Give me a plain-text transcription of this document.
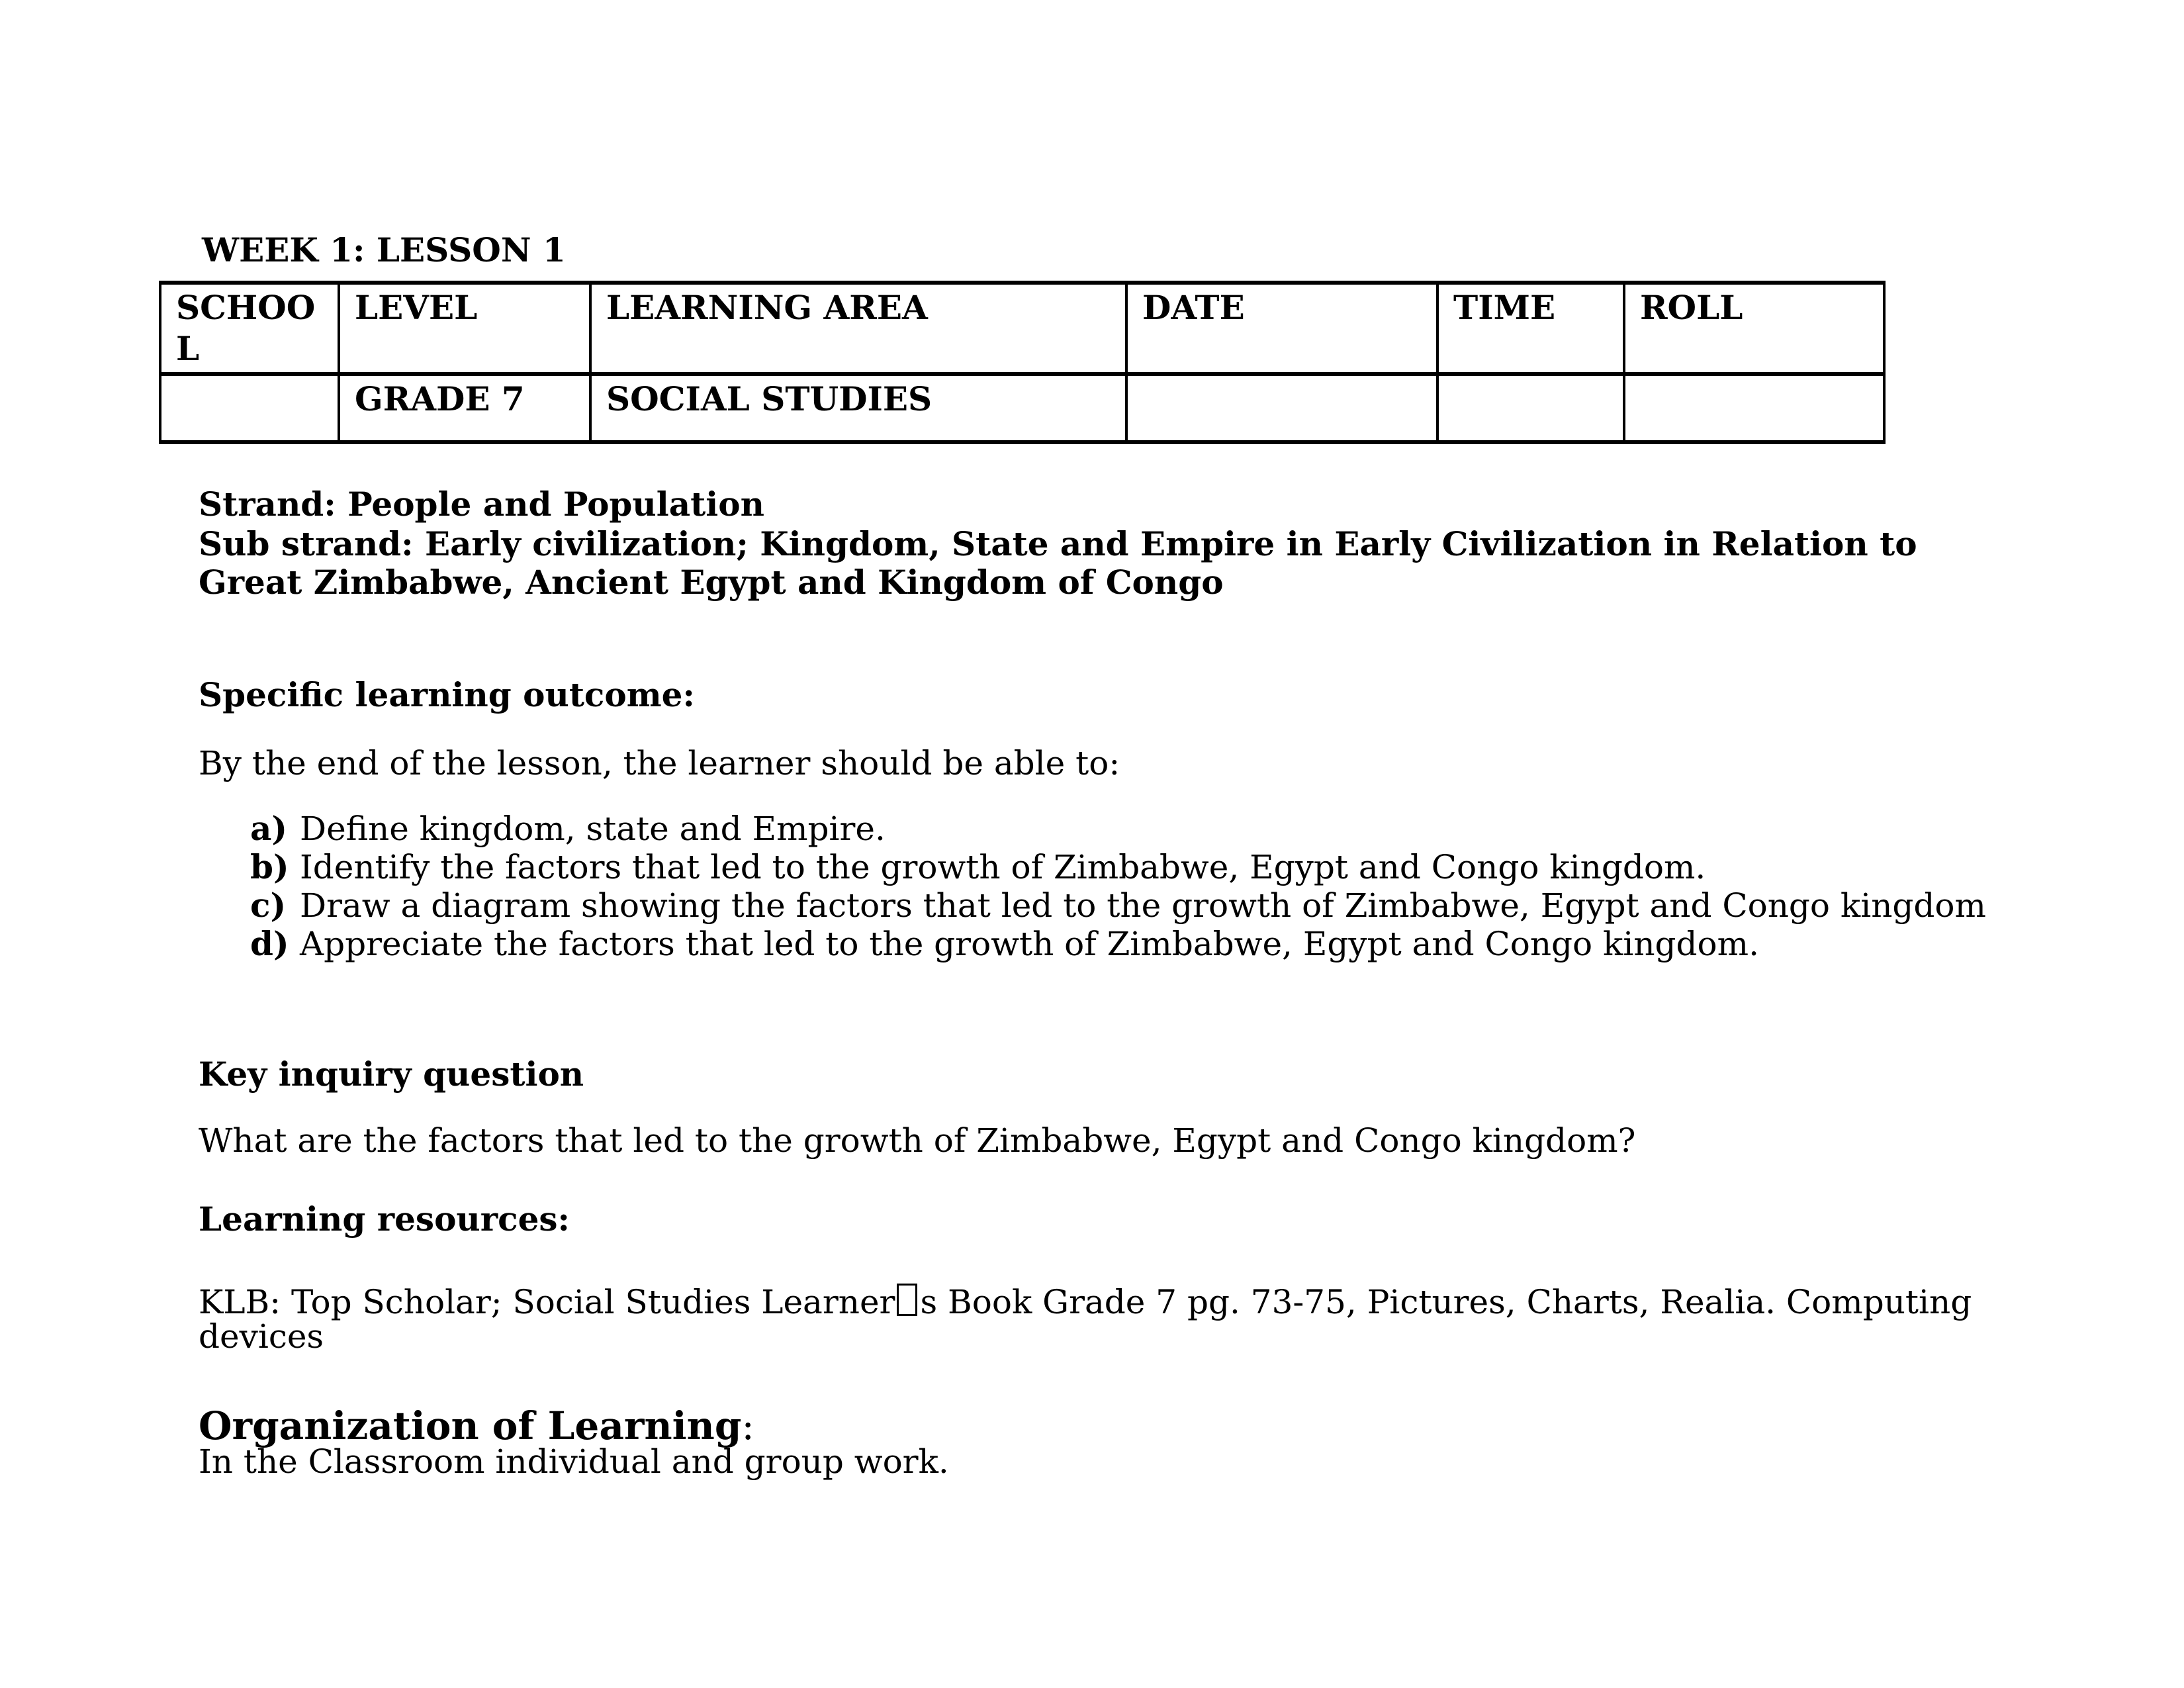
WEEK 1: LESSON 1
SCHOOL	LEVEL	LEARNING AREA	DATE	TIME	ROLL
	GRADE 7	SOCIAL STUDIES			
Strand: People and Population
Sub strand: Early civilization; Kingdom, State and Empire in Early Civilization in Relation to
Great Zimbabwe, Ancient Egypt and Kingdom of Congo
Specific learning outcome:
By the end of the lesson, the learner should be able to:
a) Define kingdom, state and Empire.
b) Identify the factors that led to the growth of Zimbabwe, Egypt and Congo kingdom.
c) Draw a diagram showing the factors that led to the growth of Zimbabwe, Egypt and Congo kingdom
d) Appreciate the factors that led to the growth of Zimbabwe, Egypt and Congo kingdom.
Key inquiry question
What are the factors that led to the growth of Zimbabwe, Egypt and Congo kingdom?
Learning resources:
KLB: Top Scholar; Social Studies Learner s Book Grade 7 pg. 73-75, Pictures, Charts, Realia. Computing
devices
Organization of Learning:
In the Classroom individual and group work.
